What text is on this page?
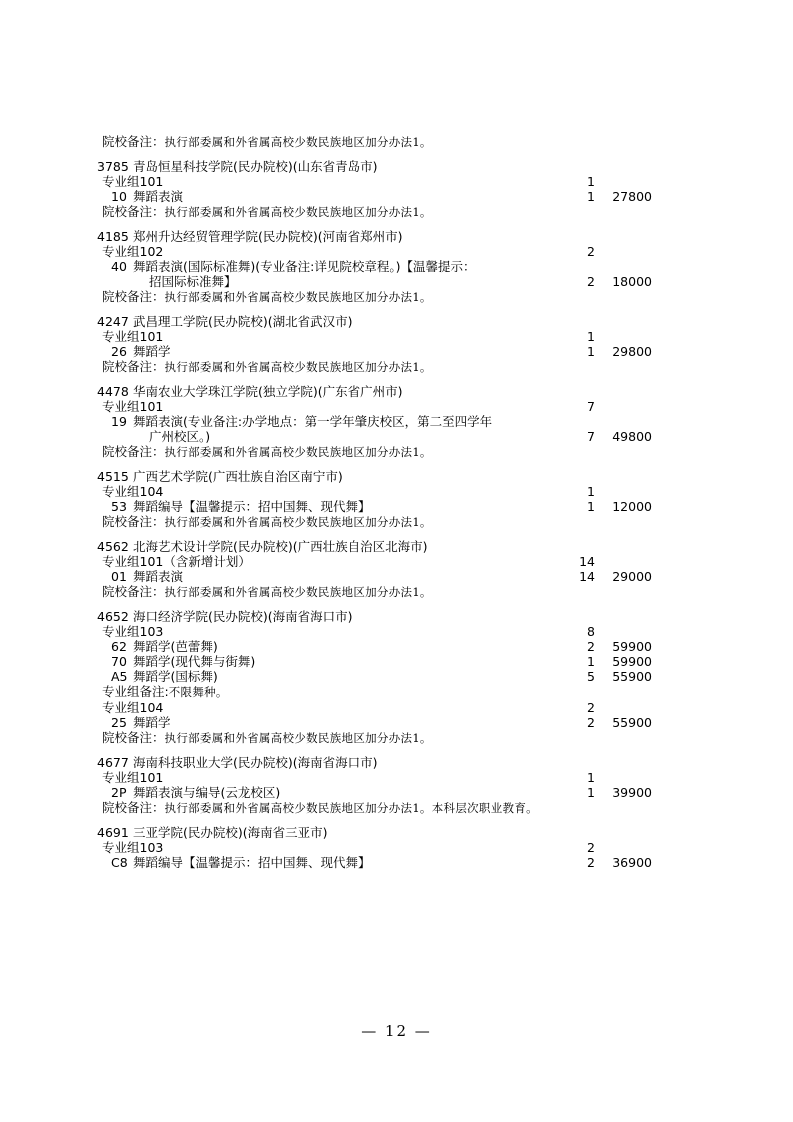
院校备注：执行部委属和外省属高校少数民族地区加分办法1。
3785 青岛恒星科技学院(民办院校)(山东省青岛市)
专业组101	1
10 舞蹈表演	1	27800
院校备注：执行部委属和外省属高校少数民族地区加分办法1。
4185 郑州升达经贸管理学院(民办院校)(河南省郑州市)
专业组102	2
40 舞蹈表演(国际标准舞)(专业备注:详见院校章程。)【温馨提示：
招国际标准舞】	2	18000
院校备注：执行部委属和外省属高校少数民族地区加分办法1。
4247 武昌理工学院(民办院校)(湖北省武汉市)
专业组101	1
26 舞蹈学	1	29800
院校备注：执行部委属和外省属高校少数民族地区加分办法1。
4478 华南农业大学珠江学院(独立学院)(广东省广州市)
专业组101	7
19 舞蹈表演(专业备注:办学地点：第一学年肇庆校区，第二至四学年
广州校区。)	7	49800
院校备注：执行部委属和外省属高校少数民族地区加分办法1。
4515 广西艺术学院(广西壮族自治区南宁市)
专业组104	1
53 舞蹈编导【温馨提示：招中国舞、现代舞】	1	12000
院校备注：执行部委属和外省属高校少数民族地区加分办法1。
4562 北海艺术设计学院(民办院校)(广西壮族自治区北海市)
专业组101（含新增计划）	14
01 舞蹈表演	14	29000
院校备注：执行部委属和外省属高校少数民族地区加分办法1。
4652 海口经济学院(民办院校)(海南省海口市)
专业组103	8
62 舞蹈学(芭蕾舞)	2	59900
70 舞蹈学(现代舞与街舞)	1	59900
A5 舞蹈学(国标舞)	5	55900
专业组备注:不限舞种。
专业组104	2
25 舞蹈学	2	55900
院校备注：执行部委属和外省属高校少数民族地区加分办法1。
4677 海南科技职业大学(民办院校)(海南省海口市)
专业组101	1
2P 舞蹈表演与编导(云龙校区)	1	39900
院校备注：执行部委属和外省属高校少数民族地区加分办法1。本科层次职业教育。
4691 三亚学院(民办院校)(海南省三亚市)
专业组103	2
C8 舞蹈编导【温馨提示：招中国舞、现代舞】	2	36900
— 12 —
